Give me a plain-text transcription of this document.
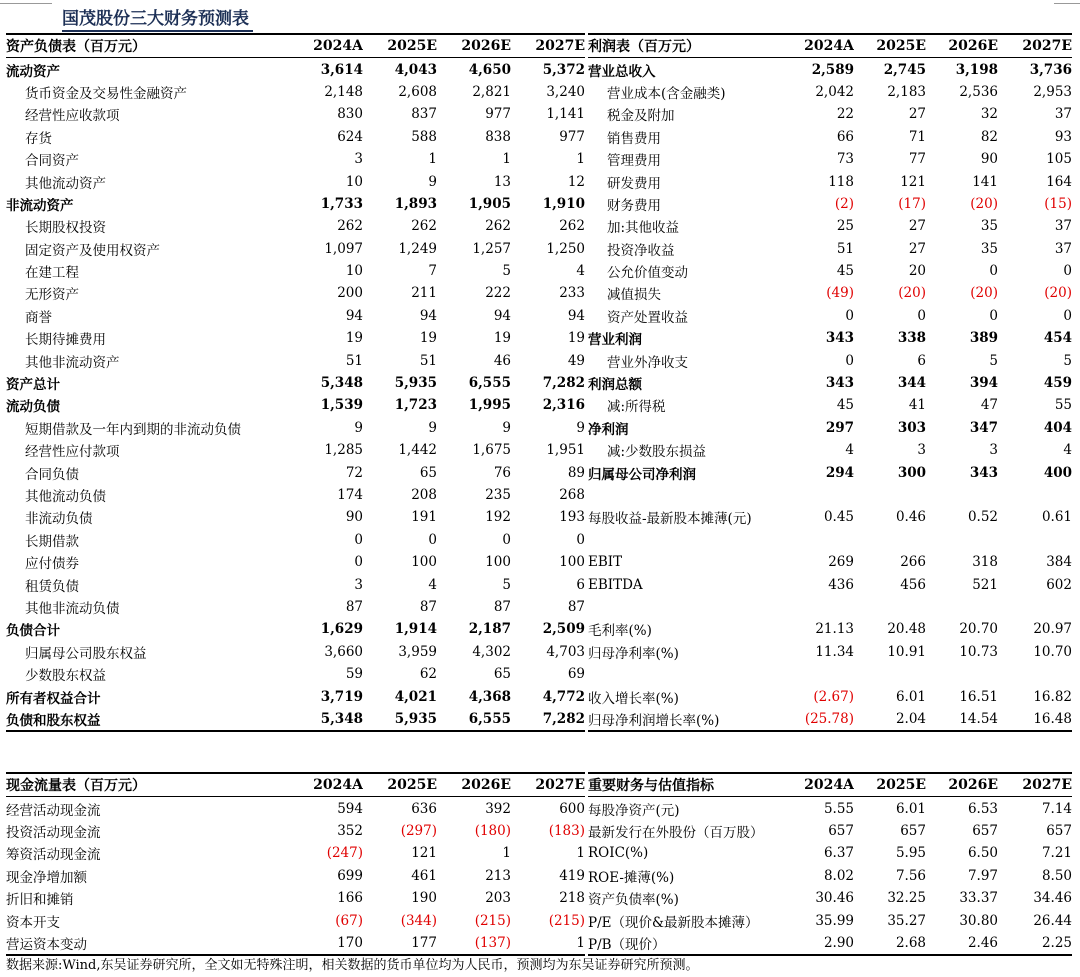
国茂股份三大财务预测表
资产负债表（百万元）	2024A	2025E	2026E	2027E
流动资产	3,614	4,043	4,650	5,372
货币资金及交易性金融资产	2,148	2,608	2,821	3,240
经营性应收款项	830	837	977	1,141
存货	624	588	838	977
合同资产	3	1	1	1
其他流动资产	10	9	13	12
非流动资产	1,733	1,893	1,905	1,910
长期股权投资	262	262	262	262
固定资产及使用权资产	1,097	1,249	1,257	1,250
在建工程	10	7	5	4
无形资产	200	211	222	233
商誉	94	94	94	94
长期待摊费用	19	19	19	19
其他非流动资产	51	51	46	49
资产总计	5,348	5,935	6,555	7,282
流动负债	1,539	1,723	1,995	2,316
短期借款及一年内到期的非流动负债	9	9	9	9
经营性应付款项	1,285	1,442	1,675	1,951
合同负债	72	65	76	89
其他流动负债	174	208	235	268
非流动负债	90	191	192	193
长期借款	0	0	0	0
应付债券	0	100	100	100
租赁负债	3	4	5	6
其他非流动负债	87	87	87	87
负债合计	1,629	1,914	2,187	2,509
归属母公司股东权益	3,660	3,959	4,302	4,703
少数股东权益	59	62	65	69
所有者权益合计	3,719	4,021	4,368	4,772
负债和股东权益	5,348	5,935	6,555	7,282
利润表（百万元）	2024A	2025E	2026E	2027E
营业总收入	2,589	2,745	3,198	3,736
营业成本(含金融类)	2,042	2,183	2,536	2,953
税金及附加	22	27	32	37
销售费用	66	71	82	93
管理费用	73	77	90	105
研发费用	118	121	141	164
财务费用	(2)	(17)	(20)	(15)
加:其他收益	25	27	35	37
投资净收益	51	27	35	37
公允价值变动	45	20	0	0
减值损失	(49)	(20)	(20)	(20)
资产处置收益	0	0	0	0
营业利润	343	338	389	454
营业外净收支	0	6	5	5
利润总额	343	344	394	459
减:所得税	45	41	47	55
净利润	297	303	347	404
减:少数股东损益	4	3	3	4
归属母公司净利润	294	300	343	400

每股收益-最新股本摊薄(元)	0.45	0.46	0.52	0.61

EBIT	269	266	318	384
EBITDA	436	456	521	602

毛利率(%)	21.13	20.48	20.70	20.97
归母净利率(%)	11.34	10.91	10.73	10.70

收入增长率(%)	(2.67)	6.01	16.51	16.82
归母净利润增长率(%)	(25.78)	2.04	14.54	16.48
现金流量表（百万元）	2024A	2025E	2026E	2027E
经营活动现金流	594	636	392	600
投资活动现金流	352	(297)	(180)	(183)
筹资活动现金流	(247)	121	1	1
现金净增加额	699	461	213	419
折旧和摊销	166	190	203	218
资本开支	(67)	(344)	(215)	(215)
营运资本变动	170	177	(137)	1
重要财务与估值指标	2024A	2025E	2026E	2027E
每股净资产(元)	5.55	6.01	6.53	7.14
最新发行在外股份（百万股）	657	657	657	657
ROIC(%)	6.37	5.95	6.50	7.21
ROE-摊薄(%)	8.02	7.56	7.97	8.50
资产负债率(%)	30.46	32.25	33.37	34.46
P/E（现价&最新股本摊薄）	35.99	35.27	30.80	26.44
P/B（现价）	2.90	2.68	2.46	2.25
数据来源:Wind,东吴证券研究所，全文如无特殊注明，相关数据的货币单位均为人民币，预测均为东吴证券研究所预测。
